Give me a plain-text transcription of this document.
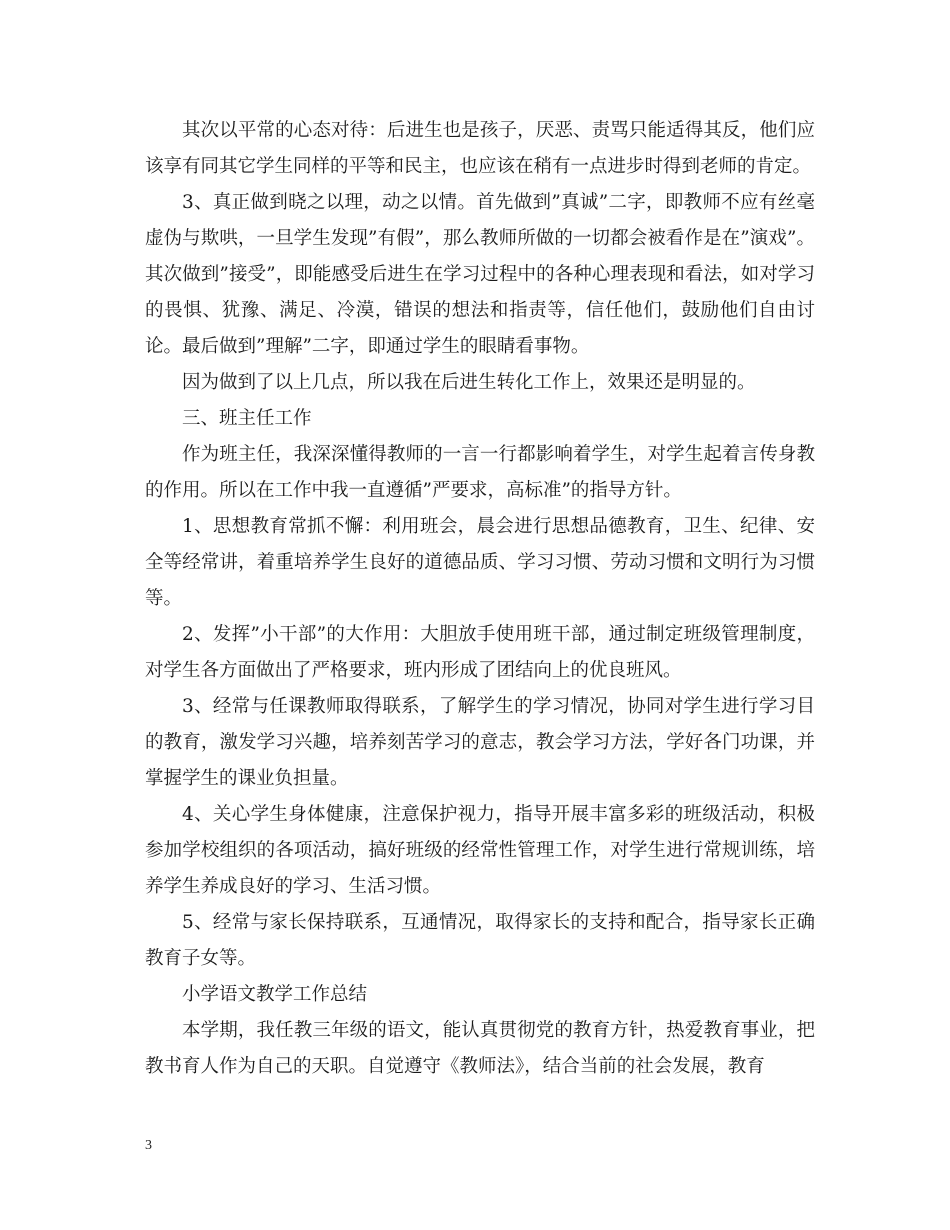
其次以平常的心态对待：后进生也是孩子，厌恶、责骂只能适得其反，他们应该享有同其它学生同样的平等和民主，也应该在稍有一点进步时得到老师的肯定。

3、真正做到晓之以理，动之以情。首先做到”真诚”二字，即教师不应有丝毫虚伪与欺哄，一旦学生发现”有假”，那么教师所做的一切都会被看作是在”演戏”。其次做到”接受”，即能感受后进生在学习过程中的各种心理表现和看法，如对学习的畏惧、犹豫、满足、冷漠，错误的想法和指责等，信任他们，鼓励他们自由讨论。最后做到”理解”二字，即通过学生的眼睛看事物。

因为做到了以上几点，所以我在后进生转化工作上，效果还是明显的。

三、班主任工作

作为班主任，我深深懂得教师的一言一行都影响着学生，对学生起着言传身教的作用。所以在工作中我一直遵循”严要求，高标准”的指导方针。

1、思想教育常抓不懈：利用班会，晨会进行思想品德教育，卫生、纪律、安全等经常讲，着重培养学生良好的道德品质、学习习惯、劳动习惯和文明行为习惯等。

2、发挥”小干部”的大作用：大胆放手使用班干部，通过制定班级管理制度，对学生各方面做出了严格要求，班内形成了团结向上的优良班风。

3、经常与任课教师取得联系，了解学生的学习情况，协同对学生进行学习目的教育，激发学习兴趣，培养刻苦学习的意志，教会学习方法，学好各门功课，并掌握学生的课业负担量。

4、关心学生身体健康，注意保护视力，指导开展丰富多彩的班级活动，积极参加学校组织的各项活动，搞好班级的经常性管理工作，对学生进行常规训练，培养学生养成良好的学习、生活习惯。

5、经常与家长保持联系，互通情况，取得家长的支持和配合，指导家长正确教育子女等。

小学语文教学工作总结

本学期，我任教三年级的语文，能认真贯彻党的教育方针，热爱教育事业，把教书育人作为自己的天职。自觉遵守《教师法》，结合当前的社会发展，教育

3
